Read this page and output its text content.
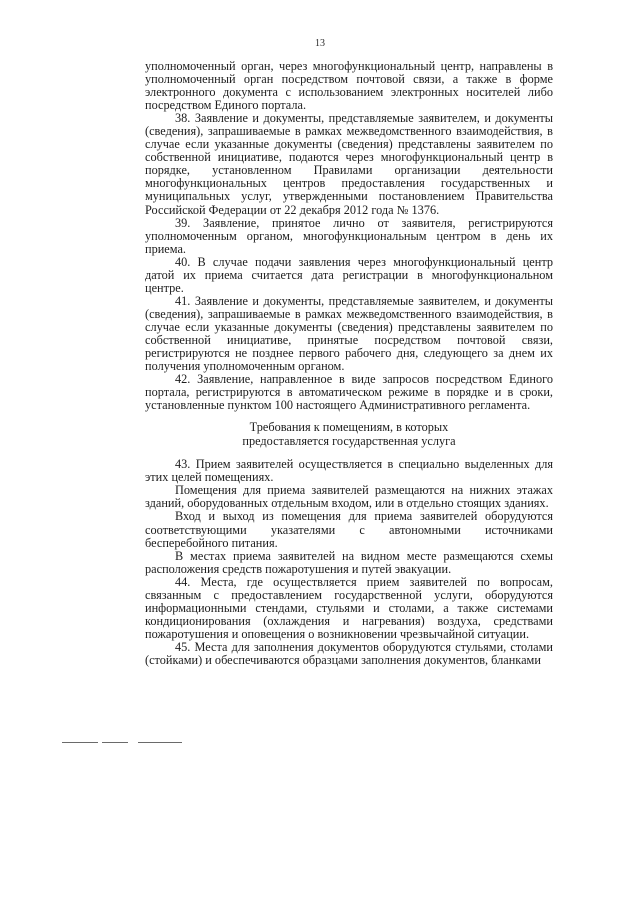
13

уполномоченный орган, через многофункциональный центр, направлены в уполномоченный орган посредством почтовой связи, а также в форме электронного документа с использованием электронных носителей либо посредством Единого портала.

38. Заявление и документы, представляемые заявителем, и документы (сведения), запрашиваемые в рамках межведомственного взаимодействия, в случае если указанные документы (сведения) представлены заявителем по собственной инициативе, подаются через многофункциональный центр в порядке, установленном Правилами организации деятельности многофункциональных центров предоставления государственных и муниципальных услуг, утвержденными постановлением Правительства Российской Федерации от 22 декабря 2012 года № 1376.

39. Заявление, принятое лично от заявителя, регистрируются уполномоченным органом, многофункциональным центром в день их приема.

40. В случае подачи заявления через многофункциональный центр датой их приема считается дата регистрации в многофункциональном центре.

41. Заявление и документы, представляемые заявителем, и документы (сведения), запрашиваемые в рамках межведомственного взаимодействия, в случае если указанные документы (сведения) представлены заявителем по собственной инициативе, принятые посредством почтовой связи, регистрируются не позднее первого рабочего дня, следующего за днем их получения уполномоченным органом.

42. Заявление, направленное в виде запросов посредством Единого портала, регистрируются в автоматическом режиме в порядке и в сроки, установленные пунктом 100 настоящего Административного регламента.

Требования к помещениям, в которых
предоставляется государственная услуга

43. Прием заявителей осуществляется в специально выделенных для этих целей помещениях.

Помещения для приема заявителей размещаются на нижних этажах зданий, оборудованных отдельным входом, или в отдельно стоящих зданиях.

Вход и выход из помещения для приема заявителей оборудуются соответствующими указателями с автономными источниками бесперебойного питания.

В местах приема заявителей на видном месте размещаются схемы расположения средств пожаротушения и путей эвакуации.

44. Места, где осуществляется прием заявителей по вопросам, связанным с предоставлением государственной услуги, оборудуются информационными стендами, стульями и столами, а также системами кондиционирования (охлаждения и нагревания) воздуха, средствами пожаротушения и оповещения о возникновении чрезвычайной ситуации.

45. Места для заполнения документов оборудуются стульями, столами (стойками) и обеспечиваются образцами заполнения документов, бланками
